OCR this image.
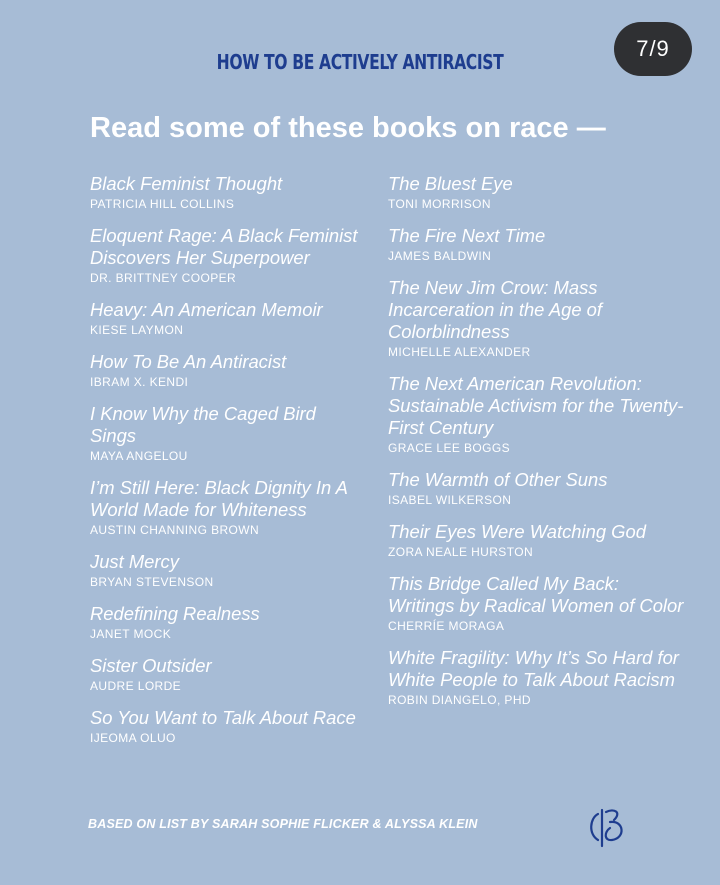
7/9
HOW TO BE ACTIVELY ANTIRACIST
Read some of these books on race —
Black Feminist Thought
PATRICIA HILL COLLINS
Eloquent Rage: A Black Feminist Discovers Her Superpower
DR. BRITTNEY COOPER
Heavy: An American Memoir
KIESE LAYMON
How To Be An Antiracist
IBRAM X. KENDI
I Know Why the Caged Bird Sings
MAYA ANGELOU
I’m Still Here: Black Dignity In A World Made for Whiteness
AUSTIN CHANNING BROWN
Just Mercy
BRYAN STEVENSON
Redefining Realness
JANET MOCK
Sister Outsider
AUDRE LORDE
So You Want to Talk About Race
IJEOMA OLUO
The Bluest Eye
TONI MORRISON
The Fire Next Time
JAMES BALDWIN
The New Jim Crow: Mass Incarceration in the Age of Colorblindness
MICHELLE ALEXANDER
The Next American Revolution: Sustainable Activism for the Twenty-First Century
GRACE LEE BOGGS
The Warmth of Other Suns
ISABEL WILKERSON
Their Eyes Were Watching God
ZORA NEALE HURSTON
This Bridge Called My Back: Writings by Radical Women of Color
CHERRÍE MORAGA
White Fragility: Why It’s So Hard for White People to Talk About Racism
ROBIN DIANGELO, PHD
BASED ON LIST BY SARAH SOPHIE FLICKER & ALYSSA KLEIN
